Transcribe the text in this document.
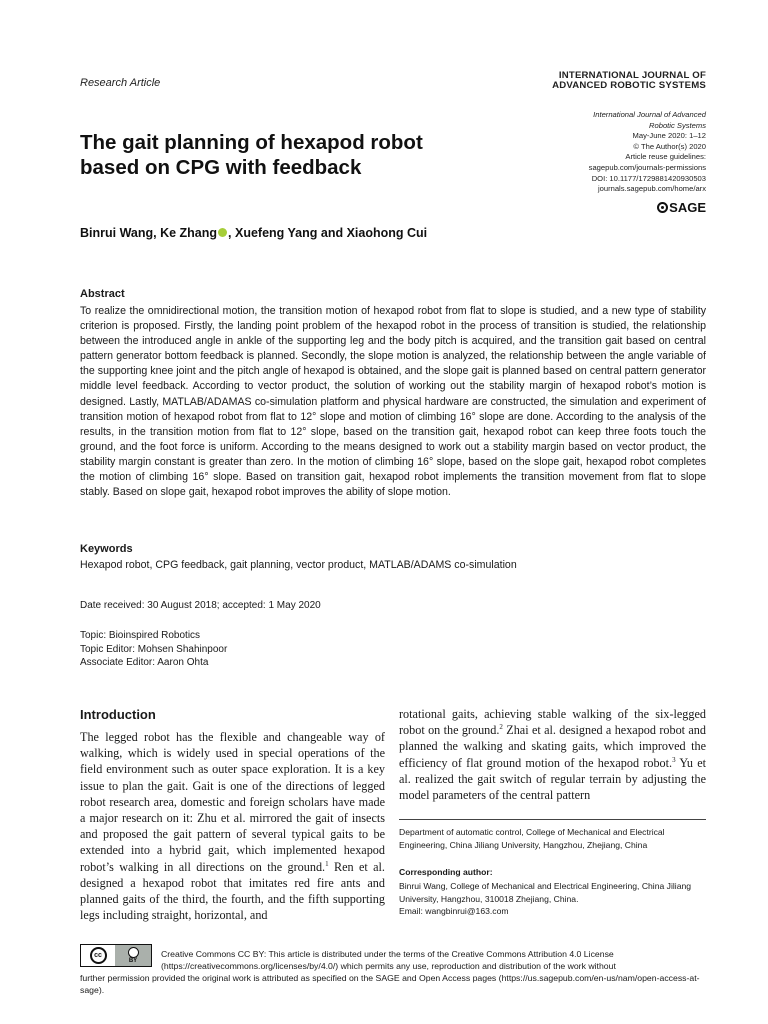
Research Article
INTERNATIONAL JOURNAL OF
ADVANCED ROBOTIC SYSTEMS
The gait planning of hexapod robot
based on CPG with feedback
International Journal of Advanced
Robotic Systems
May-June 2020: 1–12
© The Author(s) 2020
Article reuse guidelines:
sagepub.com/journals-permissions
DOI: 10.1177/1729881420930503
journals.sagepub.com/home/arx
SAGE
Binrui Wang, Ke Zhang , Xuefeng Yang and Xiaohong Cui
Abstract
To realize the omnidirectional motion, the transition motion of hexapod robot from flat to slope is studied, and a new type of stability criterion is proposed. Firstly, the landing point problem of the hexapod robot in the process of transition is studied, the relationship between the introduced angle in ankle of the supporting leg and the body pitch is acquired, and the transition gait based on central pattern generator bottom feedback is planned. Secondly, the slope motion is analyzed, the relationship between the angle variable of the supporting knee joint and the pitch angle of hexapod is obtained, and the slope gait is planned based on central pattern generator middle level feedback. According to vector product, the solution of working out the stability margin of hexapod robot’s motion is designed. Lastly, MATLAB/ADAMAS co-simulation platform and physical hardware are constructed, the simulation and experiment of transition motion of hexapod robot from flat to 12° slope and motion of climbing 16° slope are done. According to the analysis of the results, in the transition motion from flat to 12° slope, based on the transition gait, hexapod robot can keep three foots touch the ground, and the foot force is uniform. According to the means designed to work out a stability margin based on vector product, the stability margin constant is greater than zero. In the motion of climbing 16° slope, based on the slope gait, hexapod robot completes the motion of climbing 16° slope. Based on transition gait, hexapod robot implements the transition movement from flat to slope stably. Based on slope gait, hexapod robot improves the ability of slope motion.
Keywords
Hexapod robot, CPG feedback, gait planning, vector product, MATLAB/ADAMS co-simulation
Date received: 30 August 2018; accepted: 1 May 2020
Topic: Bioinspired Robotics
Topic Editor: Mohsen Shahinpoor
Associate Editor: Aaron Ohta
Introduction

The legged robot has the flexible and changeable way of walking, which is widely used in special operations of the field environment such as outer space exploration. It is a key issue to plan the gait. Gait is one of the directions of legged robot research area, domestic and foreign scholars have made a major research on it: Zhu et al. mirrored the gait of insects and proposed the gait pattern of several typical gaits to be extended into a hybrid gait, which implemented hexapod robot’s walking in all directions on the ground.$^1$ Ren et al. designed a hexapod robot that imitates red fire ants and planned gaits of the third, the fourth, and the fifth supporting legs including straight, horizontal, and

rotational gaits, achieving stable walking of the six-legged robot on the ground.$^2$ Zhai et al. designed a hexapod robot and planned the walking and skating gaits, which improved the efficiency of flat ground motion of the hexapod robot.$^3$ Yu et al. realized the gait switch of regular terrain by adjusting the model parameters of the central pattern

Department of automatic control, College of Mechanical and Electrical Engineering, China Jiliang University, Hangzhou, Zhejiang, China
Corresponding author:
Binrui Wang, College of Mechanical and Electrical Engineering, China Jiliang University, Hangzhou, 310018 Zhejiang, China.
Email: wangbinrui@163.com
cc
BY
Creative Commons CC BY: This article is distributed under the terms of the Creative Commons Attribution 4.0 License (https://creativecommons.org/licenses/by/4.0/) which permits any use, reproduction and distribution of the work without
further permission provided the original work is attributed as specified on the SAGE and Open Access pages (https://us.sagepub.com/en-us/nam/open-access-at-sage).
